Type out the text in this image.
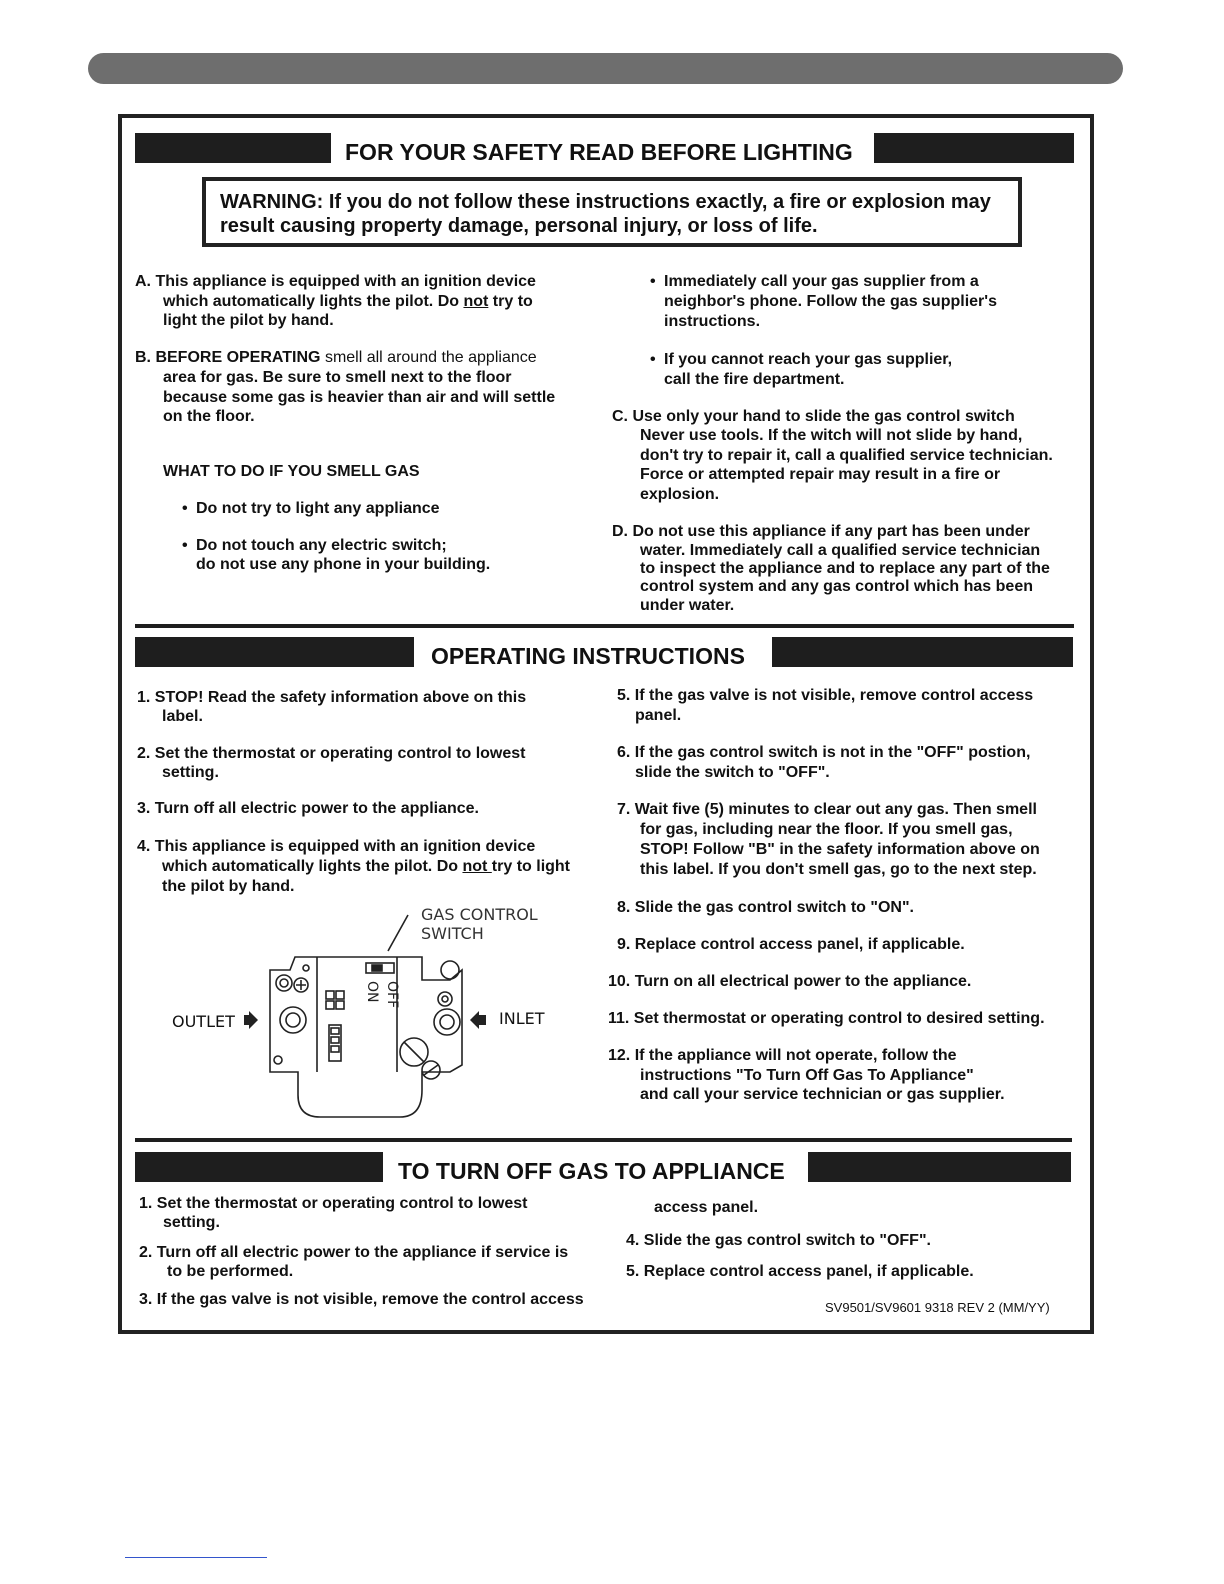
FOR YOUR SAFETY READ BEFORE LIGHTING
WARNING: If you do not follow these instructions exactly, a fire or explosion may
result causing property damage, personal injury, or loss of life.
A. This appliance is equipped with an ignition device
which automatically lights the pilot. Do not try to
light the pilot by hand.
B. BEFORE OPERATING smell all around the appliance
area for gas. Be sure to smell next to the floor
because some gas is heavier than air and will settle
on the floor.
WHAT TO DO IF YOU SMELL GAS
• Do not try to light any appliance
• Do not touch any electric switch;
do not use any phone in your building.
• Immediately call your gas supplier from a
neighbor's phone. Follow the gas supplier's
instructions.
• If you cannot reach your gas supplier,
call the fire department.
C. Use only your hand to slide the gas control switch
Never use tools. If the witch will not slide by hand,
don't try to repair it, call a qualified service technician.
Force or attempted repair may result in a fire or
explosion.
D. Do not use this appliance if any part has been under
water. Immediately call a qualified service technician
to inspect the appliance and to replace any part of the
control system and any gas control which has been
under water.
OPERATING INSTRUCTIONS
1. STOP! Read the safety information above on this
label.
2. Set the thermostat or operating control to lowest
setting.
3. Turn off all electric power to the appliance.
4. This appliance is equipped with an ignition device
which automatically lights the pilot. Do not try to light
the pilot by hand.
5. If the gas valve is not visible, remove control access
panel.
6. If the gas control switch is not in the "OFF" postion,
slide the switch to "OFF".
7. Wait five (5) minutes to clear out any gas. Then smell
for gas, including near the floor. If you smell gas,
STOP! Follow "B" in the safety information above on
this label. If you don't smell gas, go to the next step.
8. Slide the gas control switch to "ON".
9. Replace control access panel, if applicable.
10. Turn on all electrical power to the appliance.
11. Set thermostat or operating control to desired setting.
12. If the appliance will not operate, follow the
instructions "To Turn Off Gas To Appliance"
and call your service technician or gas supplier.
GAS CONTROL
SWITCH
OUTLET	INLET
OFF
ON
TO TURN OFF GAS TO APPLIANCE
1. Set the thermostat or operating control to lowest
setting.
2. Turn off all electric power to the appliance if service is
to be performed.
3. If the gas valve is not visible, remove the control access
access panel.
4. Slide the gas control switch to "OFF".
5. Replace control access panel, if applicable.
SV9501/SV9601 9318 REV 2 (MM/YY)
